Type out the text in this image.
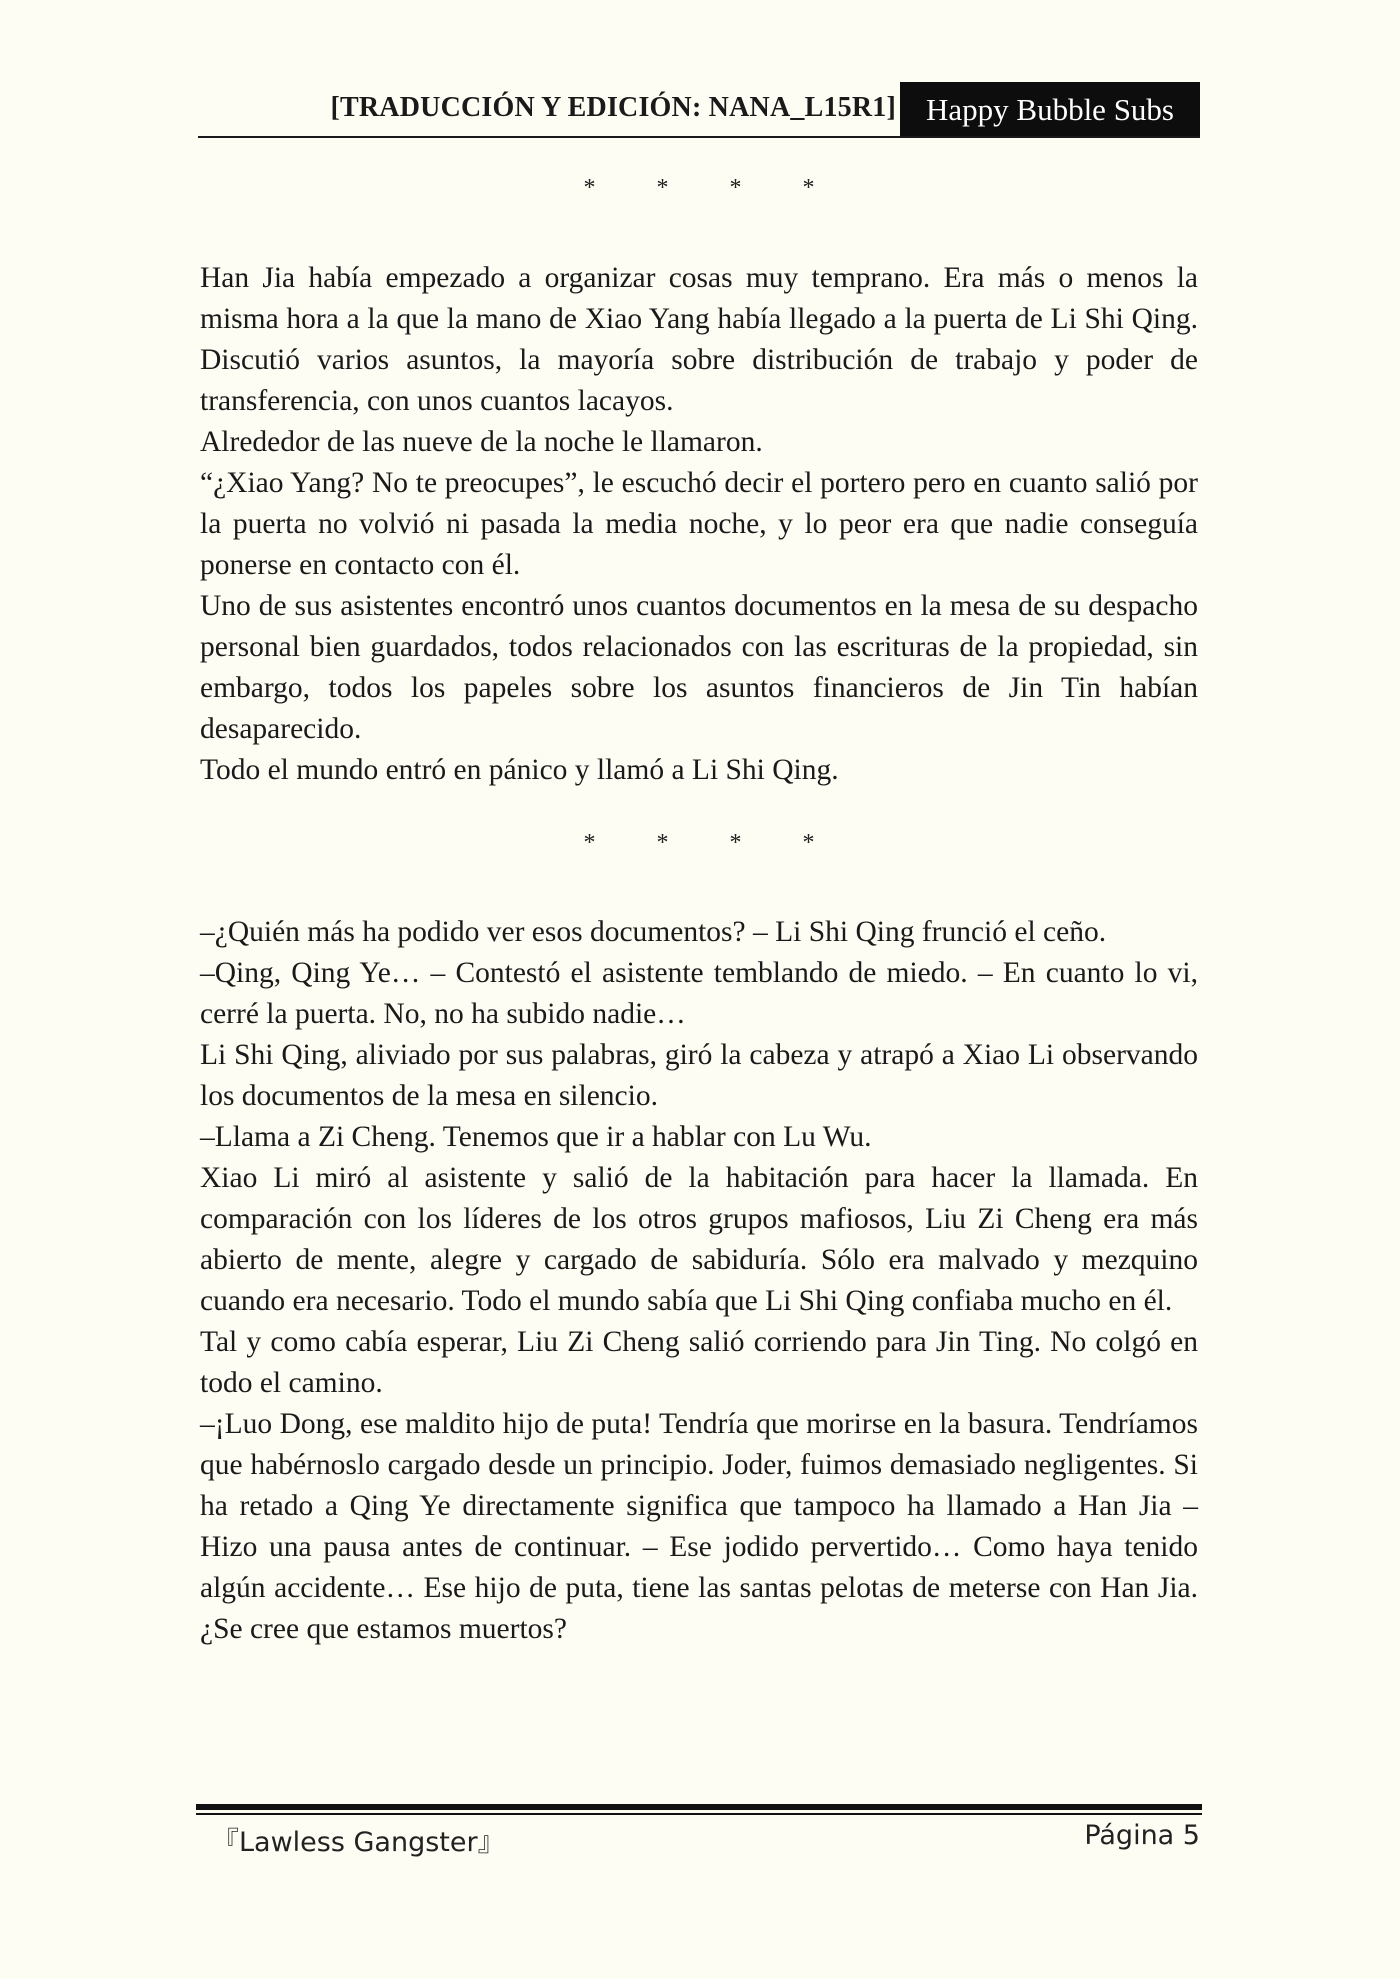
[TRADUCCIÓN Y EDICIÓN: NANA_L15R1] Happy Bubble Subs
* * * *

Han Jia había empezado a organizar cosas muy temprano. Era más o menos la misma hora a la que la mano de Xiao Yang había llegado a la puerta de Li Shi Qing. Discutió varios asuntos, la mayoría sobre distribución de trabajo y poder de transferencia, con unos cuantos lacayos.

Alrededor de las nueve de la noche le llamaron.

“¿Xiao Yang? No te preocupes”, le escuchó decir el portero pero en cuanto salió por la puerta no volvió ni pasada la media noche, y lo peor era que nadie conseguía ponerse en contacto con él.

Uno de sus asistentes encontró unos cuantos documentos en la mesa de su despacho personal bien guardados, todos relacionados con las escrituras de la propiedad, sin embargo, todos los papeles sobre los asuntos financieros de Jin Tin habían desaparecido.

Todo el mundo entró en pánico y llamó a Li Shi Qing.

* * * *

–¿Quién más ha podido ver esos documentos? – Li Shi Qing frunció el ceño.

–Qing, Qing Ye… – Contestó el asistente temblando de miedo. – En cuanto lo vi, cerré la puerta. No, no ha subido nadie…

Li Shi Qing, aliviado por sus palabras, giró la cabeza y atrapó a Xiao Li observando los documentos de la mesa en silencio.

–Llama a Zi Cheng. Tenemos que ir a hablar con Lu Wu.

Xiao Li miró al asistente y salió de la habitación para hacer la llamada. En comparación con los líderes de los otros grupos mafiosos, Liu Zi Cheng era más abierto de mente, alegre y cargado de sabiduría. Sólo era malvado y mezquino cuando era necesario. Todo el mundo sabía que Li Shi Qing confiaba mucho en él.

Tal y como cabía esperar, Liu Zi Cheng salió corriendo para Jin Ting. No colgó en todo el camino.

–¡Luo Dong, ese maldito hijo de puta! Tendría que morirse en la basura. Tendríamos que habérnoslo cargado desde un principio. Joder, fuimos demasiado negligentes. Si ha retado a Qing Ye directamente significa que tampoco ha llamado a Han Jia – Hizo una pausa antes de continuar. – Ese jodido pervertido… Como haya tenido algún accidente… Ese hijo de puta, tiene las santas pelotas de meterse con Han Jia. ¿Se cree que estamos muertos?

『Lawless Gangster』	Página 5
